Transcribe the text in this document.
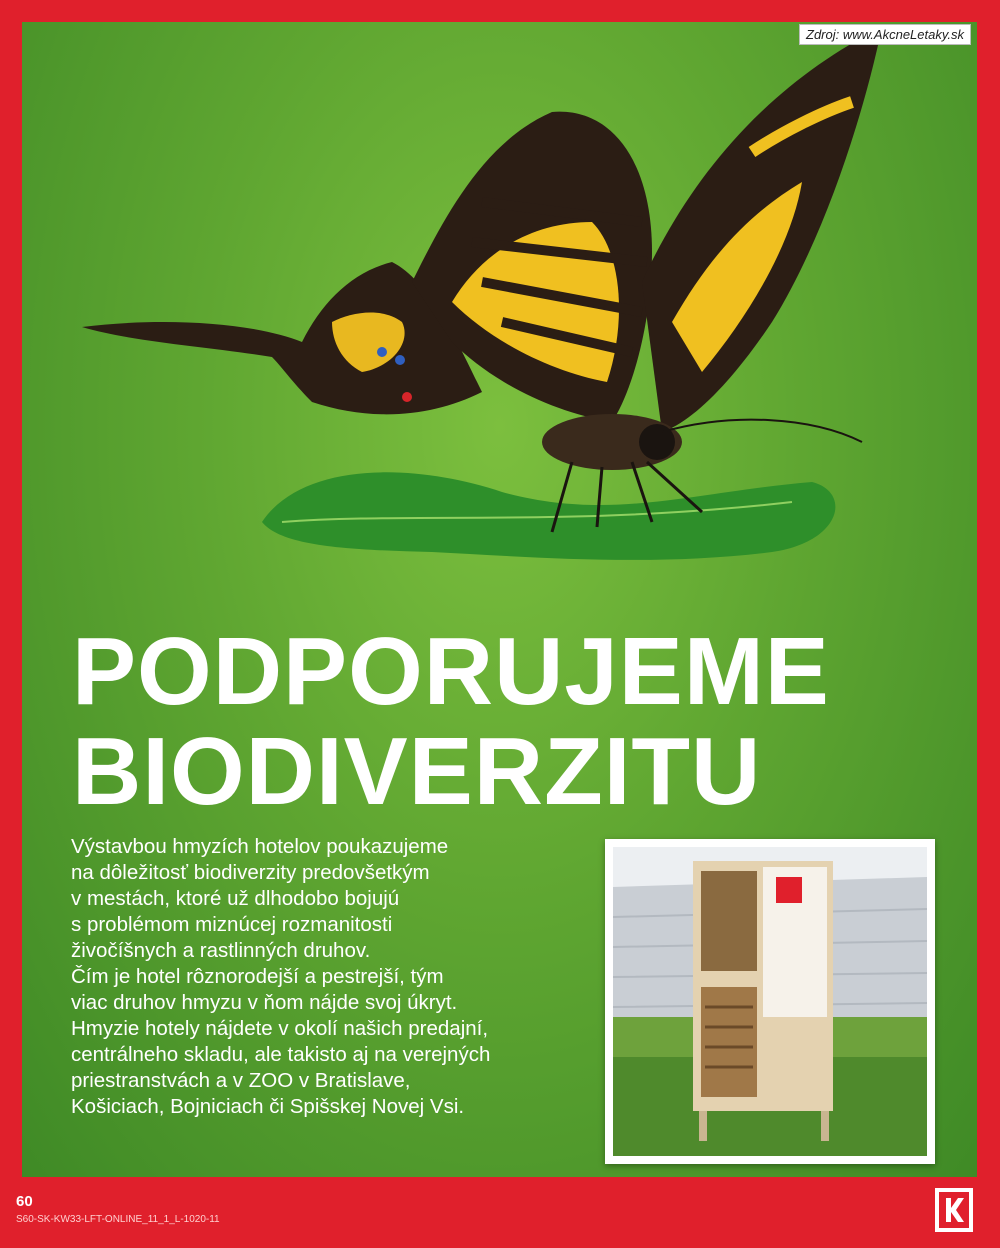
PODPORUJEME
BIODIVERZITU
Výstavbou hmyzích hotelov poukazujeme
na dôležitosť biodiverzity predovšetkým
v mestách, ktoré už dlhodobo bojujú
s problémom miznúcej rozmanitosti
živočíšnych a rastlinných druhov.
Čím je hotel rôznorodejší a pestrejší, tým
viac druhov hmyzu v ňom nájde svoj úkryt.
Hmyzie hotely nájdete v okolí našich predajní,
centrálneho skladu, ale takisto aj na verejných
priestranstvách a v ZOO v Bratislave,
Košiciach, Bojniciach či Spišskej Novej Vsi.
Zdroj: www.AkcneLetaky.sk
60
S60-SK-KW33-LFT-ONLINE_11_1_L-1020-11
